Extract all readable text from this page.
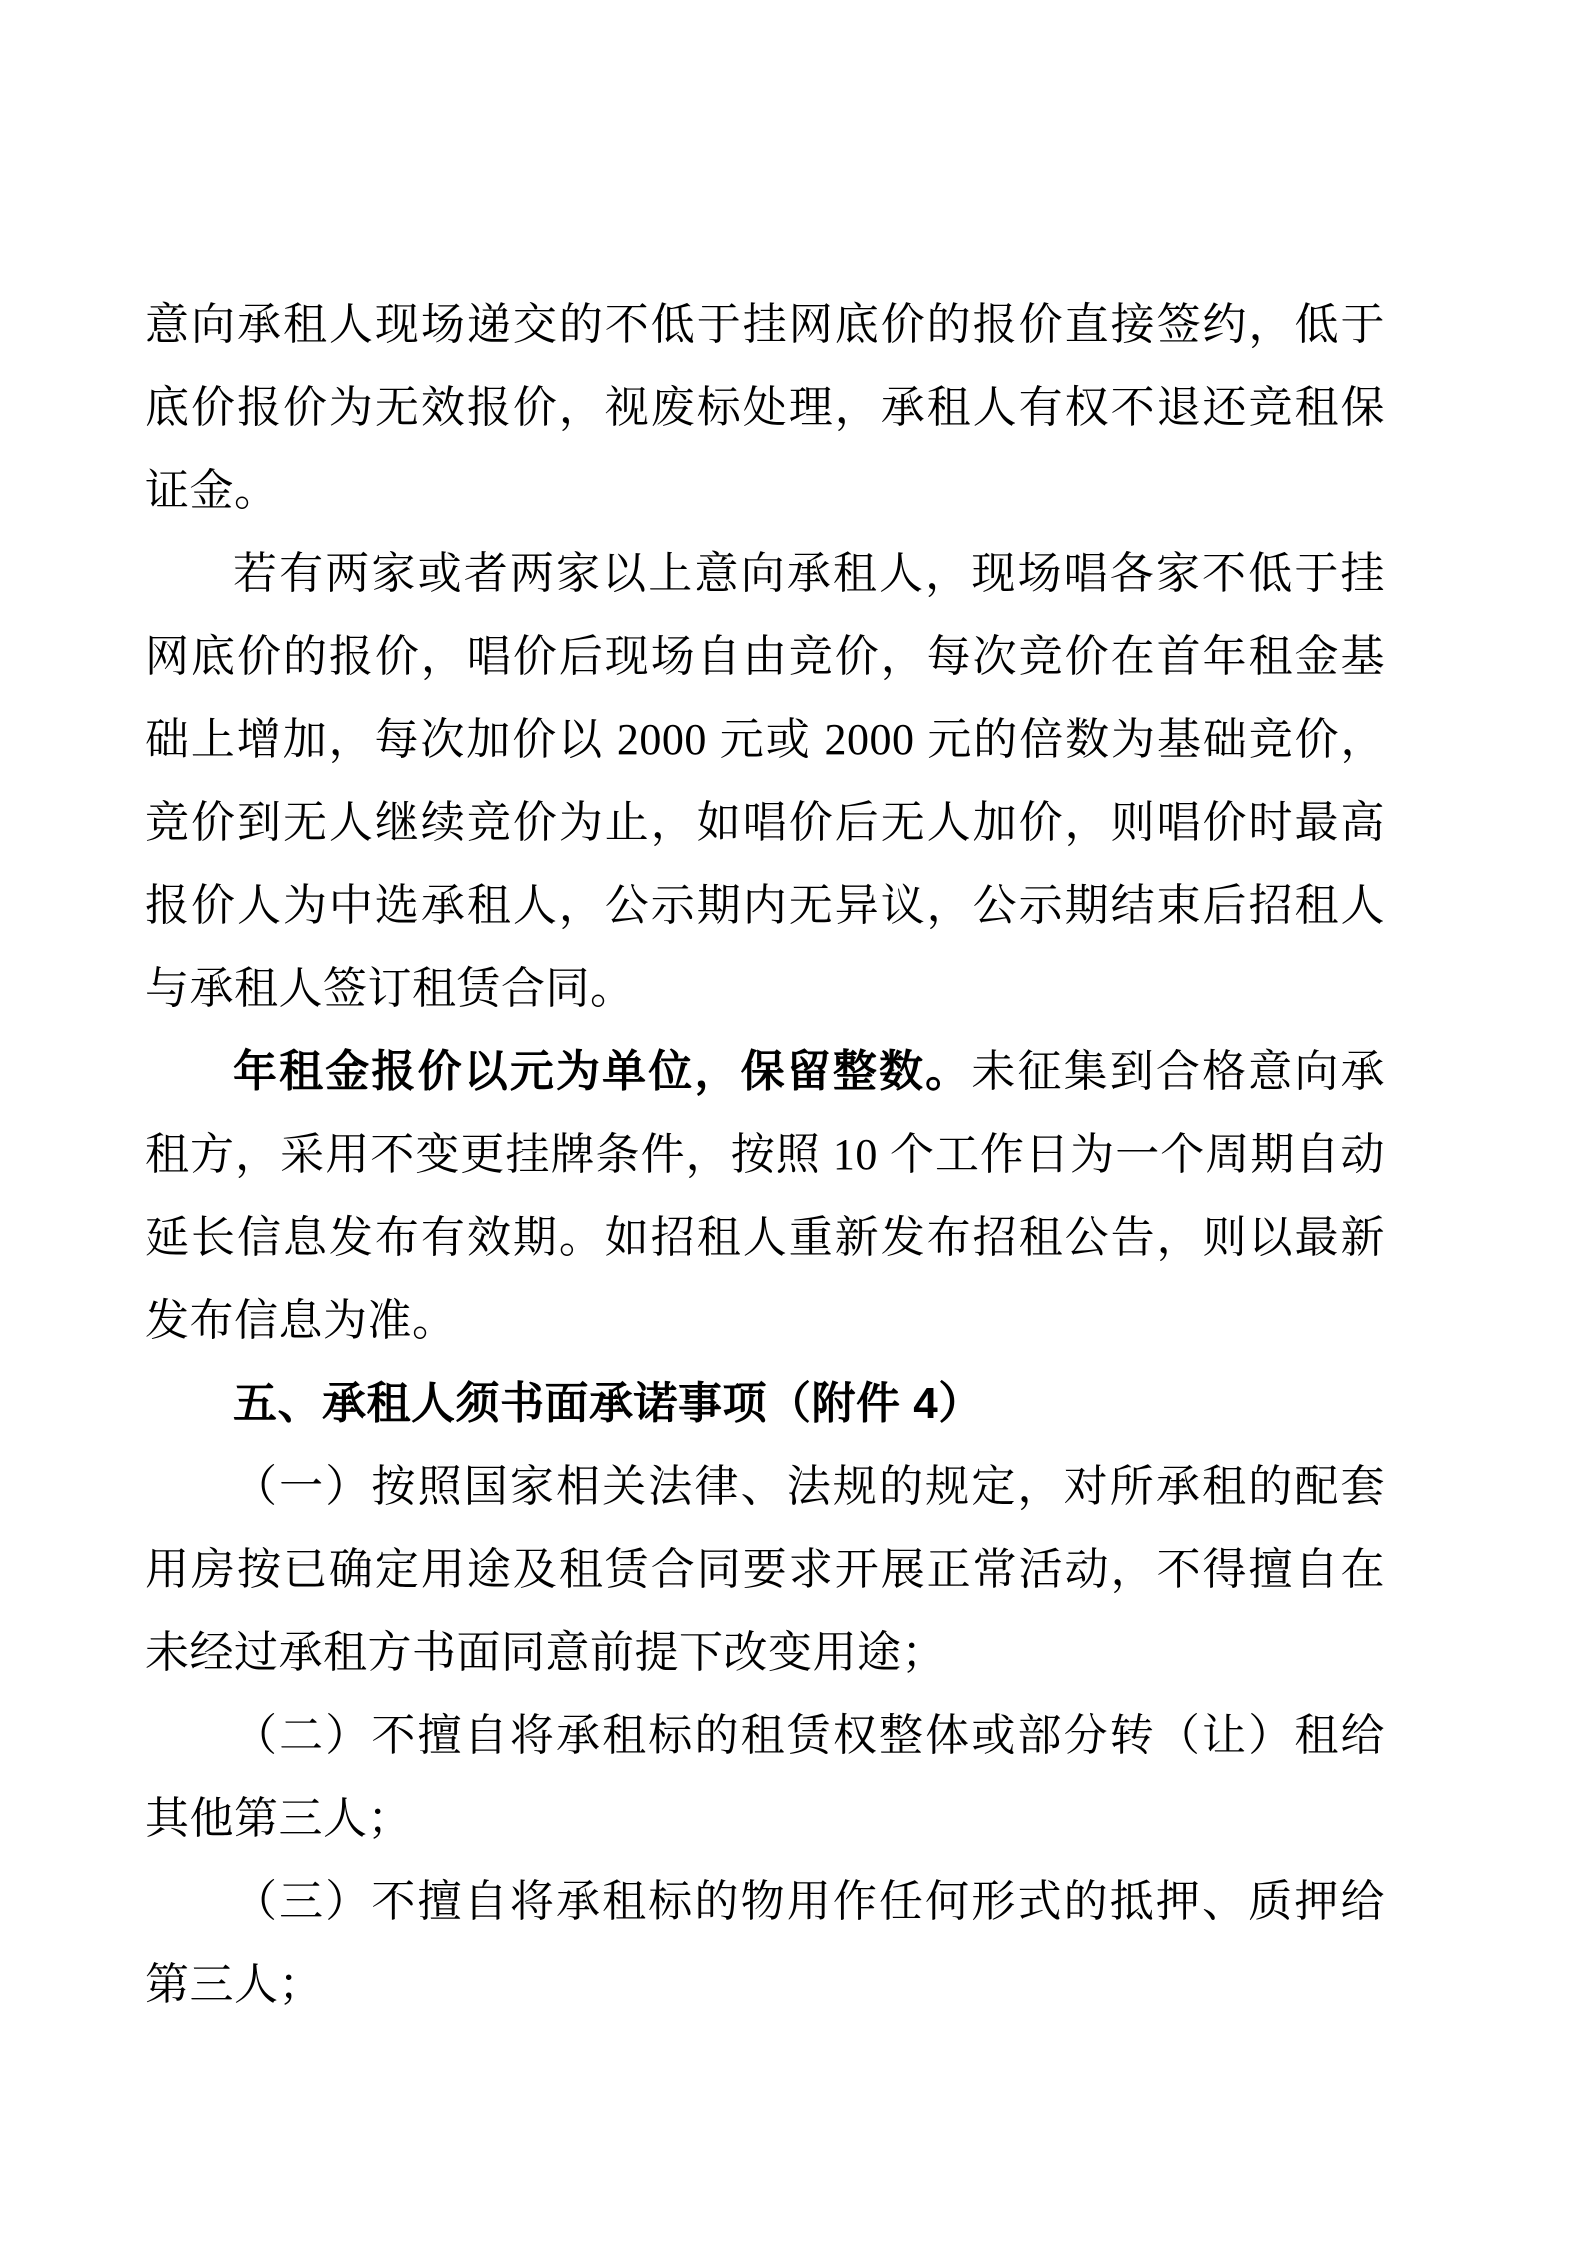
意向承租人现场递交的不低于挂网底价的报价直接签约，低于底价报价为无效报价，视废标处理，承租人有权不退还竞租保证金。

若有两家或者两家以上意向承租人，现场唱各家不低于挂网底价的报价，唱价后现场自由竞价，每次竞价在首年租金基础上增加，每次加价以 2000 元或 2000 元的倍数为基础竞价，竞价到无人继续竞价为止，如唱价后无人加价，则唱价时最高报价人为中选承租人，公示期内无异议，公示期结束后招租人与承租人签订租赁合同。

年租金报价以元为单位，保留整数。未征集到合格意向承租方，采用不变更挂牌条件，按照 10 个工作日为一个周期自动延长信息发布有效期。如招租人重新发布招租公告，则以最新发布信息为准。

五、承租人须书面承诺事项（附件 4）

（一）按照国家相关法律、法规的规定，对所承租的配套用房按已确定用途及租赁合同要求开展正常活动，不得擅自在未经过承租方书面同意前提下改变用途；

（二）不擅自将承租标的租赁权整体或部分转（让）租给其他第三人；

（三）不擅自将承租标的物用作任何形式的抵押、质押给第三人；
